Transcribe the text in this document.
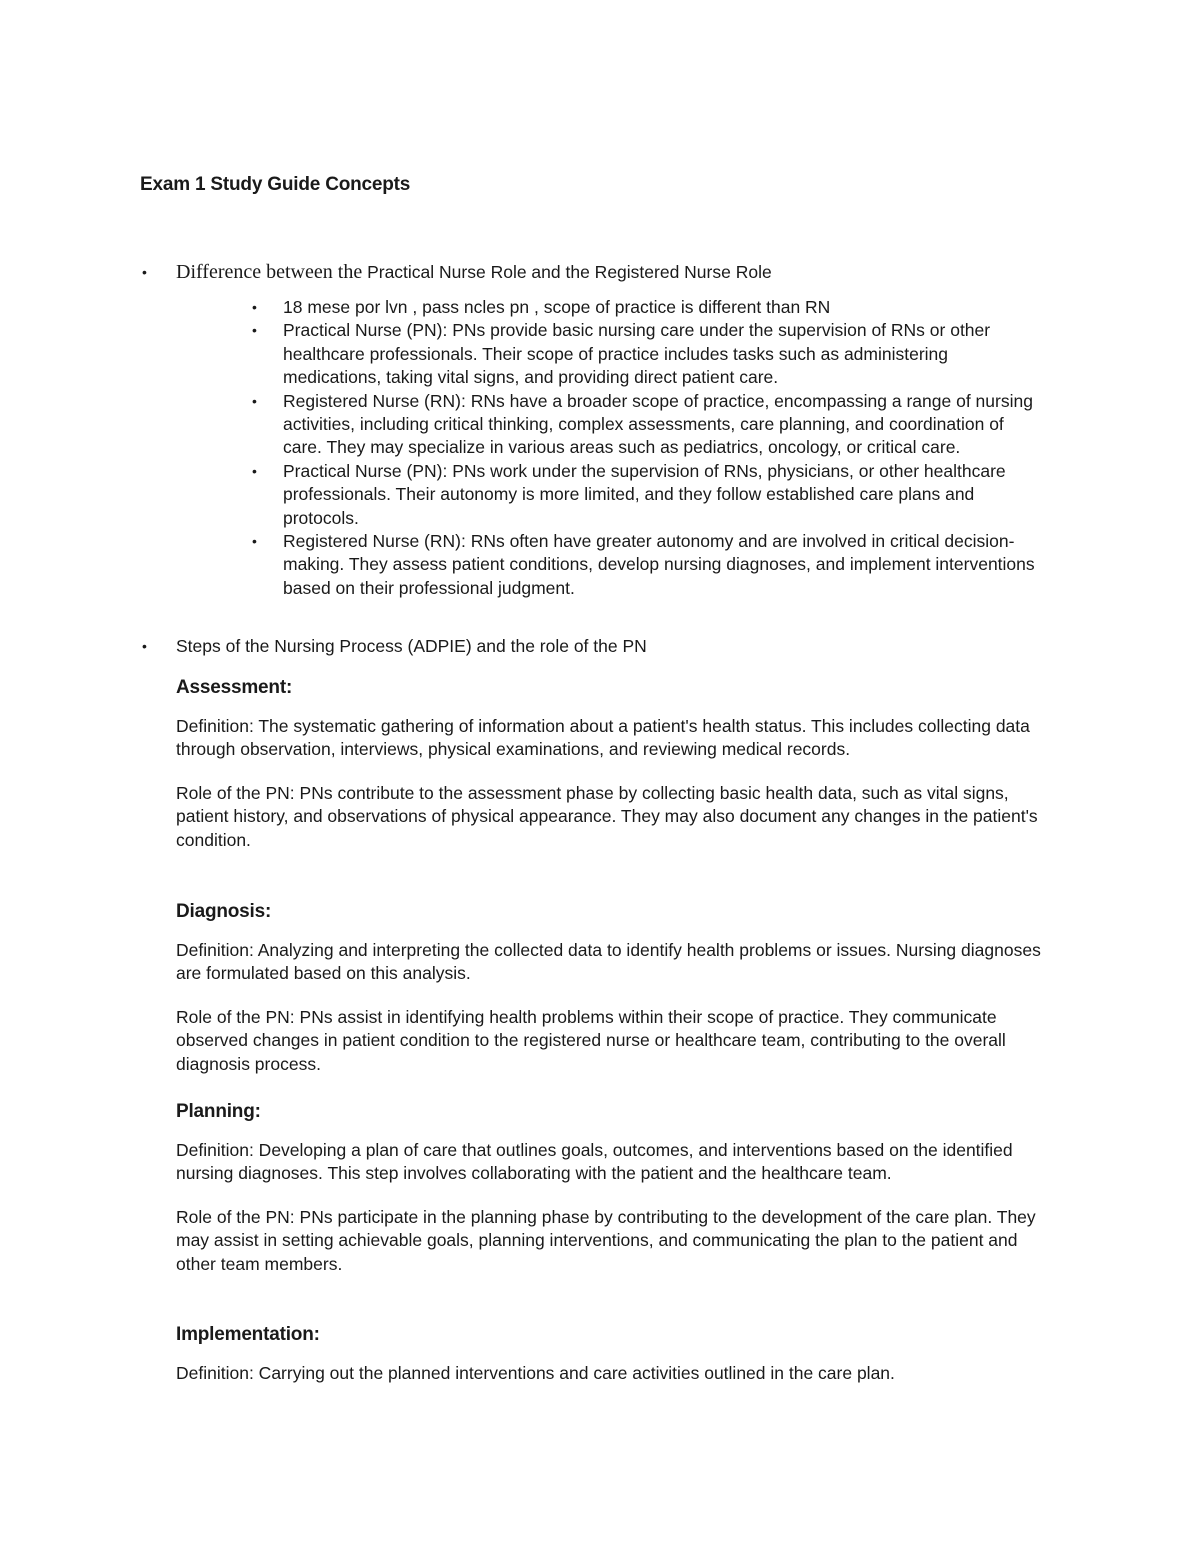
Exam 1 Study Guide Concepts
• Difference between the Practical Nurse Role and the Registered Nurse Role
• 18 mese por lvn , pass ncles pn , scope of practice is different than RN
• Practical Nurse (PN): PNs provide basic nursing care under the supervision of RNs or other healthcare professionals. Their scope of practice includes tasks such as administering medications, taking vital signs, and providing direct patient care.
• Registered Nurse (RN): RNs have a broader scope of practice, encompassing a range of nursing activities, including critical thinking, complex assessments, care planning, and coordination of care. They may specialize in various areas such as pediatrics, oncology, or critical care.
• Practical Nurse (PN): PNs work under the supervision of RNs, physicians, or other healthcare professionals. Their autonomy is more limited, and they follow established care plans and protocols.
• Registered Nurse (RN): RNs often have greater autonomy and are involved in critical decision-making. They assess patient conditions, develop nursing diagnoses, and implement interventions based on their professional judgment.
• Steps of the Nursing Process (ADPIE) and the role of the PN
Assessment:

Definition: The systematic gathering of information about a patient's health status. This includes collecting data through observation, interviews, physical examinations, and reviewing medical records.

Role of the PN: PNs contribute to the assessment phase by collecting basic health data, such as vital signs, patient history, and observations of physical appearance. They may also document any changes in the patient's condition.

Diagnosis:

Definition: Analyzing and interpreting the collected data to identify health problems or issues. Nursing diagnoses are formulated based on this analysis.

Role of the PN: PNs assist in identifying health problems within their scope of practice. They communicate observed changes in patient condition to the registered nurse or healthcare team, contributing to the overall diagnosis process.

Planning:

Definition: Developing a plan of care that outlines goals, outcomes, and interventions based on the identified nursing diagnoses. This step involves collaborating with the patient and the healthcare team.

Role of the PN: PNs participate in the planning phase by contributing to the development of the care plan. They may assist in setting achievable goals, planning interventions, and communicating the plan to the patient and other team members.

Implementation:

Definition: Carrying out the planned interventions and care activities outlined in the care plan.
